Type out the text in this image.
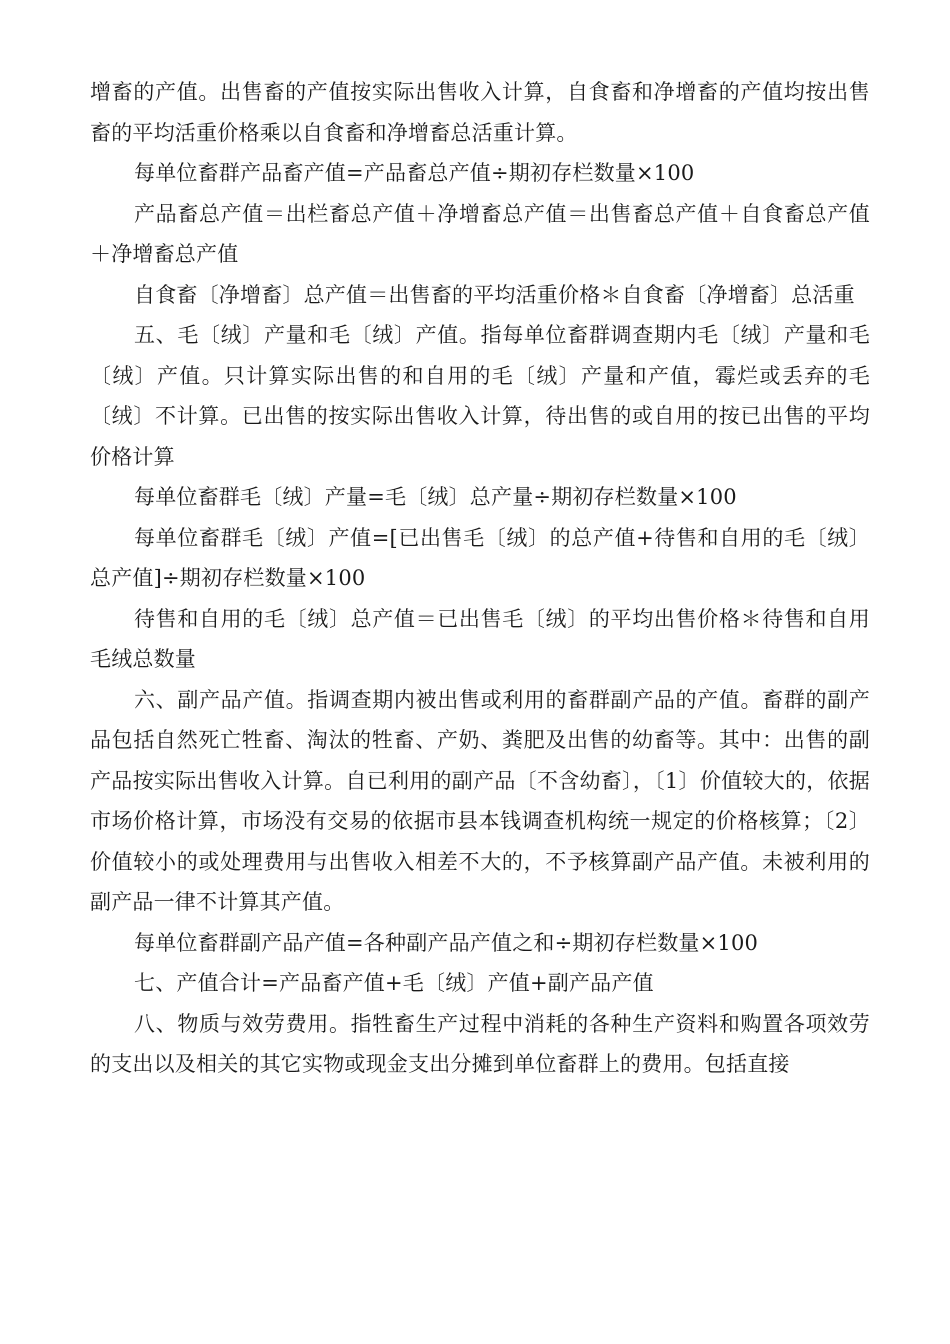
增畜的产值。出售畜的产值按实际出售收入计算，自食畜和净增畜的产值均按出售畜的平均活重价格乘以自食畜和净增畜总活重计算。

每单位畜群产品畜产值=产品畜总产值÷期初存栏数量×100

产品畜总产值＝出栏畜总产值＋净增畜总产值＝出售畜总产值＋自食畜总产值＋净增畜总产值

自食畜〔净增畜〕总产值＝出售畜的平均活重价格＊自食畜〔净增畜〕总活重

五、毛〔绒〕产量和毛〔绒〕产值。指每单位畜群调查期内毛〔绒〕产量和毛〔绒〕产值。只计算实际出售的和自用的毛〔绒〕产量和产值，霉烂或丢弃的毛〔绒〕不计算。已出售的按实际出售收入计算，待出售的或自用的按已出售的平均价格计算

每单位畜群毛〔绒〕产量=毛〔绒〕总产量÷期初存栏数量×100

每单位畜群毛〔绒〕产值=[已出售毛〔绒〕的总产值+待售和自用的毛〔绒〕 总产值]÷期初存栏数量×100

待售和自用的毛〔绒〕总产值＝已出售毛〔绒〕的平均出售价格＊待售和自用毛绒总数量

六、副产品产值。指调查期内被出售或利用的畜群副产品的产值。畜群的副产品包括自然死亡牲畜、淘汰的牲畜、产奶、粪肥及出售的幼畜等。其中：出售的副产品按实际出售收入计算。自已利用的副产品〔不含幼畜〕，〔1〕价值较大的，依据市场价格计算，市场没有交易的依据市县本钱调查机构统一规定的价格核算；〔2〕价值较小的或处理费用与出售收入相差不大的，不予核算副产品产值。未被利用的副产品一律不计算其产值。

每单位畜群副产品产值=各种副产品产值之和÷期初存栏数量×100

七、产值合计=产品畜产值+毛〔绒〕产值+副产品产值

八、物质与效劳费用。指牲畜生产过程中消耗的各种生产资料和购置各项效劳的支出以及相关的其它实物或现金支出分摊到单位畜群上的费用。包括直接
